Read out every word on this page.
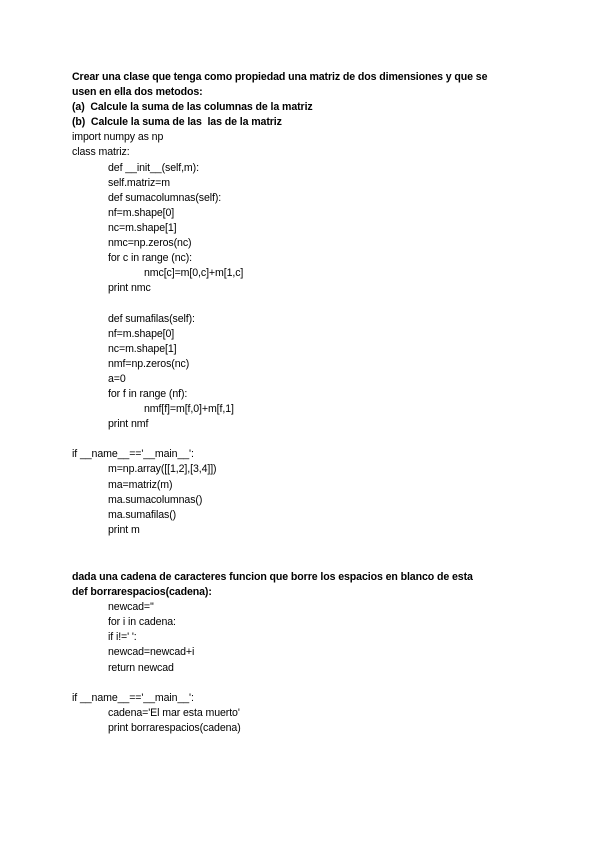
Crear una clase que tenga como propiedad una matriz de dos dimensiones y que se
usen en ella dos metodos:
(a)  Calcule la suma de las columnas de la matriz
(b)  Calcule la suma de las  las de la matriz
import numpy as np
class matriz:
def __init__(self,m):
self.matriz=m
def sumacolumnas(self):
nf=m.shape[0]
nc=m.shape[1]
nmc=np.zeros(nc)
for c in range (nc):
nmc[c]=m[0,c]+m[1,c]
print nmc
def sumafilas(self):
nf=m.shape[0]
nc=m.shape[1]
nmf=np.zeros(nc)
a=0
for f in range (nf):
nmf[f]=m[f,0]+m[f,1]
print nmf
if __name__=='__main__':
m=np.array([[1,2],[3,4]])
ma=matriz(m)
ma.sumacolumnas()
ma.sumafilas()
print m
dada una cadena de caracteres funcion que borre los espacios en blanco de esta
def borrarespacios(cadena):
newcad=''
for i in cadena:
if i!=' ':
newcad=newcad+i
return newcad
if __name__=='__main__':
cadena='El mar esta muerto'
print borrarespacios(cadena)
